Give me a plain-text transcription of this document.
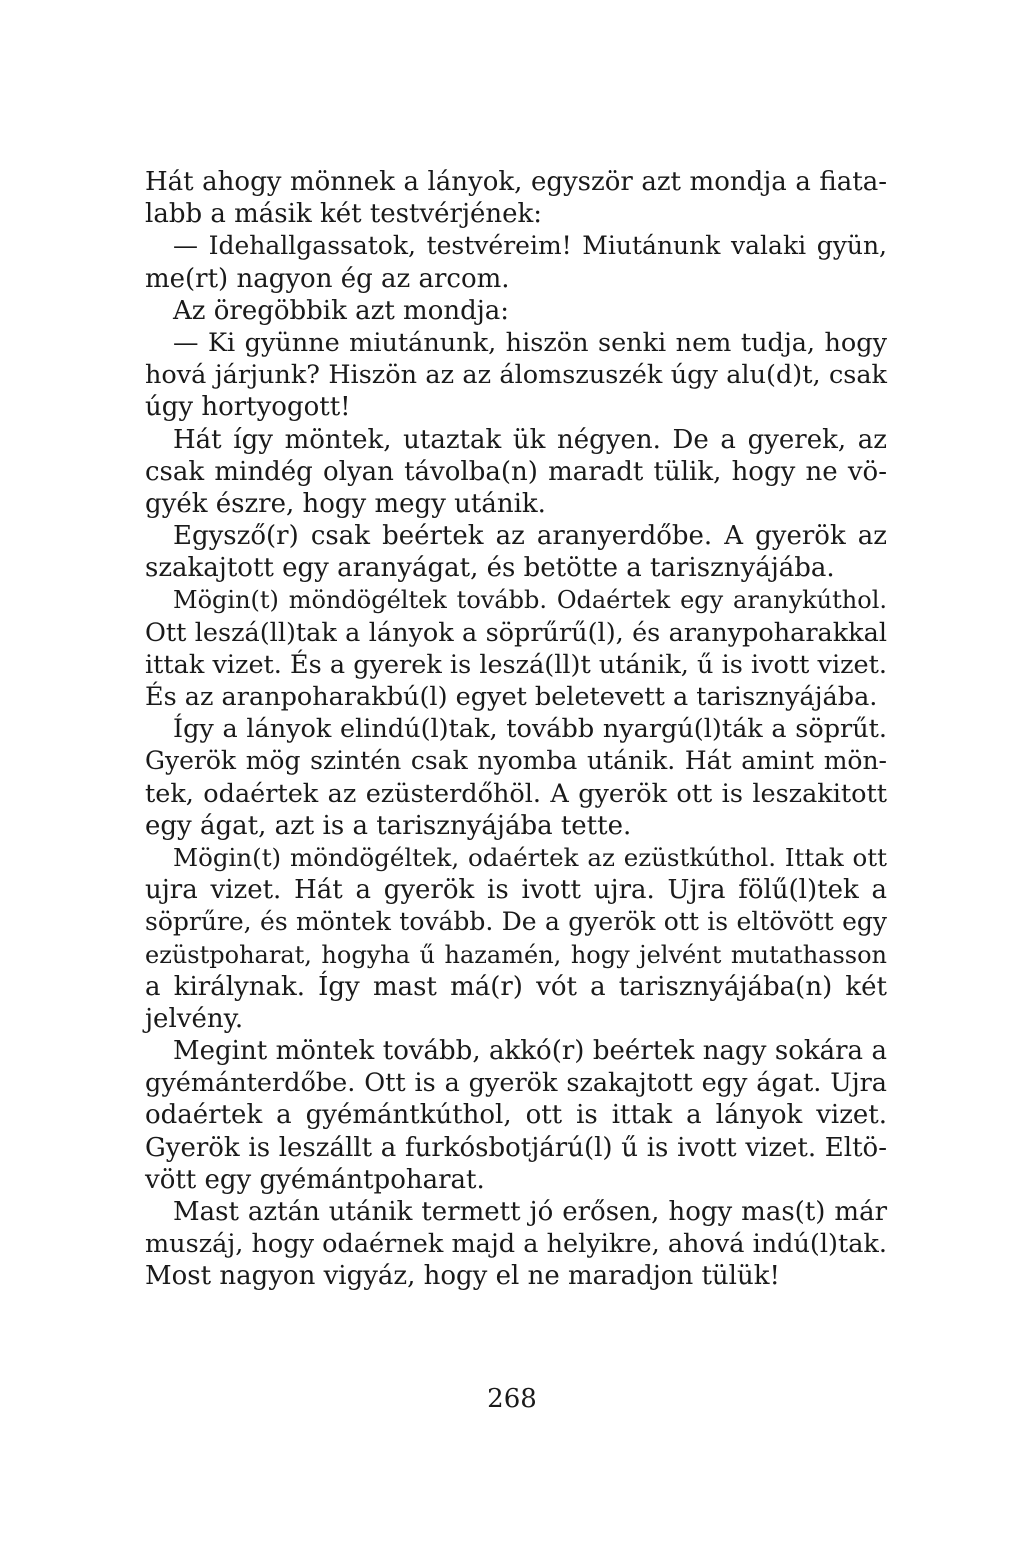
Hát ahogy mönnek a lányok, egyször azt mondja a fiata-
labb a másik két testvérjének:
— Idehallgassatok, testvéreim! Miutánunk valaki gyün,
me(rt) nagyon ég az arcom.
Az öregöbbik azt mondja:
— Ki gyünne miutánunk, hiszön senki nem tudja, hogy
hová járjunk? Hiszön az az álomszuszék úgy alu(d)t, csak
úgy hortyogott!
Hát így möntek, utaztak ük négyen. De a gyerek, az
csak mindég olyan távolba(n) maradt tülik, hogy ne vö-
gyék észre, hogy megy utánik.
Egysző(r) csak beértek az aranyerdőbe. A gyerök az
szakajtott egy aranyágat, és betötte a tarisznyájába.
Mögin(t) möndögéltek tovább. Odaértek egy aranykúthol.
Ott leszá(ll)tak a lányok a söprűrű(l), és aranypoharakkal
ittak vizet. És a gyerek is leszá(ll)t utánik, ű is ivott vizet.
És az aranpoharakbú(l) egyet beletevett a tarisznyájába.
Így a lányok elindú(l)tak, tovább nyargú(l)ták a söprűt.
Gyerök mög szintén csak nyomba utánik. Hát amint mön-
tek, odaértek az ezüsterdőhöl. A gyerök ott is leszakitott
egy ágat, azt is a tarisznyájába tette.
Mögin(t) möndögéltek, odaértek az ezüstkúthol. Ittak ott
ujra vizet. Hát a gyerök is ivott ujra. Ujra fölű(l)tek a
söprűre, és möntek tovább. De a gyerök ott is eltövött egy
ezüstpoharat, hogyha ű hazamén, hogy jelvént mutathasson
a királynak. Így mast má(r) vót a tarisznyájába(n) két
jelvény.
Megint möntek tovább, akkó(r) beértek nagy sokára a
gyémánterdőbe. Ott is a gyerök szakajtott egy ágat. Ujra
odaértek a gyémántkúthol, ott is ittak a lányok vizet.
Gyerök is leszállt a furkósbotjárú(l) ű is ivott vizet. Eltö-
vött egy gyémántpoharat.
Mast aztán utánik termett jó erősen, hogy mas(t) már
muszáj, hogy odaérnek majd a helyikre, ahová indú(l)tak.
Most nagyon vigyáz, hogy el ne maradjon tülük!
268
